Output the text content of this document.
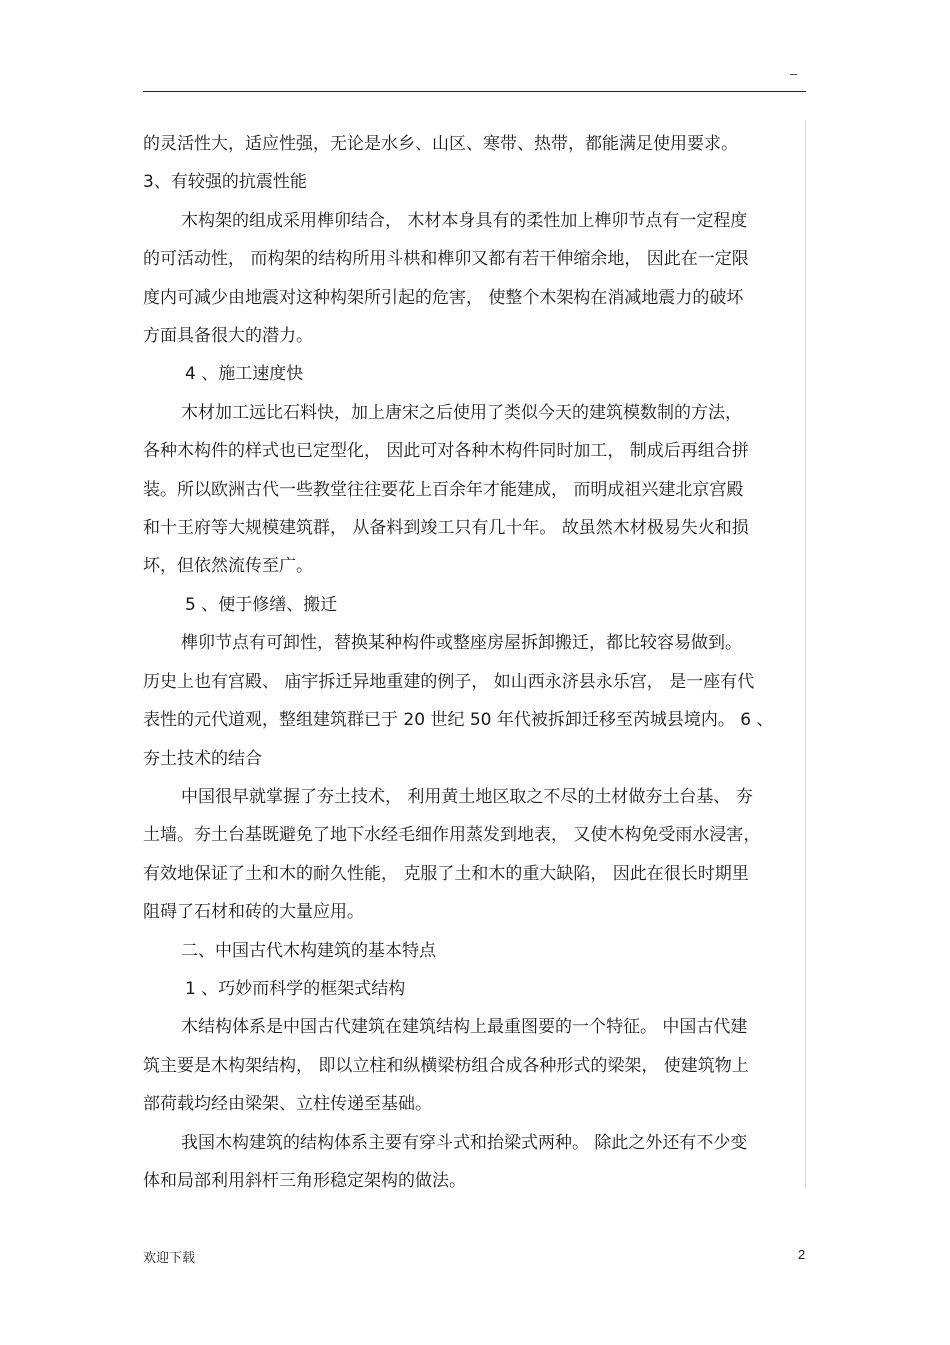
–

的灵活性大，适应性强，无论是水乡、山区、寒带、热带，都能满足使用要求。

3、有较强的抗震性能

木构架的组成采用榫卯结合， 木材本身具有的柔性加上榫卯节点有一定程度

的可活动性， 而构架的结构所用斗栱和榫卯又都有若干伸缩余地， 因此在一定限

度内可减少由地震对这种构架所引起的危害， 使整个木架构在消减地震力的破坏

方面具备很大的潜力。

4 、施工速度快

木材加工远比石料快，加上唐宋之后使用了类似今天的建筑模数制的方法，

各种木构件的样式也已定型化， 因此可对各种木构件同时加工， 制成后再组合拼

装。所以欧洲古代一些教堂往往要花上百余年才能建成， 而明成祖兴建北京宫殿

和十王府等大规模建筑群， 从备料到竣工只有几十年。 故虽然木材极易失火和损

坏，但依然流传至广。

5 、便于修缮、搬迁

榫卯节点有可卸性，替换某种构件或整座房屋拆卸搬迁，都比较容易做到。

历史上也有宫殿、 庙宇拆迁异地重建的例子， 如山西永济县永乐宫， 是一座有代

表性的元代道观，整组建筑群已于 20 世纪 50 年代被拆卸迁移至芮城县境内。 6 、

夯土技术的结合

中国很早就掌握了夯土技术， 利用黄土地区取之不尽的土材做夯土台基、 夯

土墙。夯土台基既避免了地下水经毛细作用蒸发到地表， 又使木构免受雨水浸害，

有效地保证了土和木的耐久性能， 克服了土和木的重大缺陷， 因此在很长时期里

阻碍了石材和砖的大量应用。

二、中国古代木构建筑的基本特点

1 、巧妙而科学的框架式结构

木结构体系是中国古代建筑在建筑结构上最重图要的一个特征。 中国古代建

筑主要是木构架结构， 即以立柱和纵横梁枋组合成各种形式的梁架， 使建筑物上

部荷载均经由梁架、立柱传递至基础。

我国木构建筑的结构体系主要有穿斗式和抬梁式两种。 除此之外还有不少变

体和局部利用斜杆三角形稳定架构的做法。

欢迎下载	2
